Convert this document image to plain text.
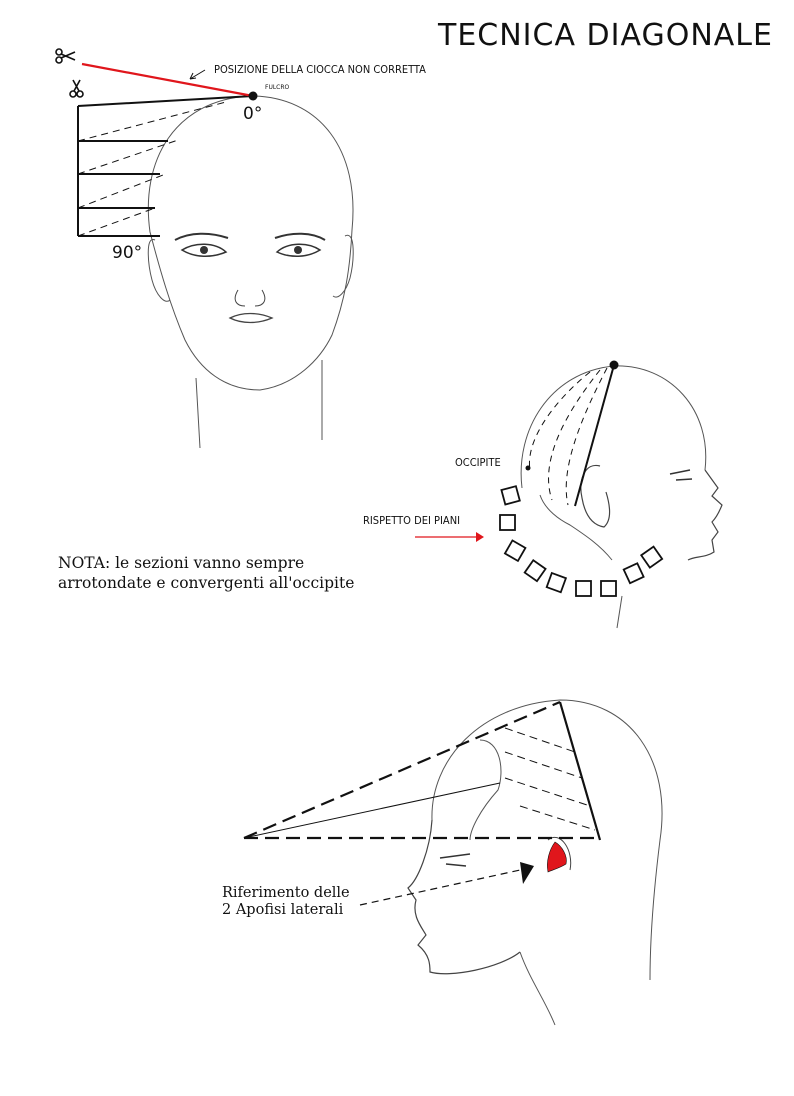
TECNICA DIAGONALE
POSIZIONE DELLA CIOCCA NON CORRETTA
FULCRO
0°
90°
OCCIPITE
RISPETTO DEI PIANI
NOTA: le sezioni vanno sempre
arrotondate e convergenti all'occipite
Riferimento delle
2 Apofisi laterali
